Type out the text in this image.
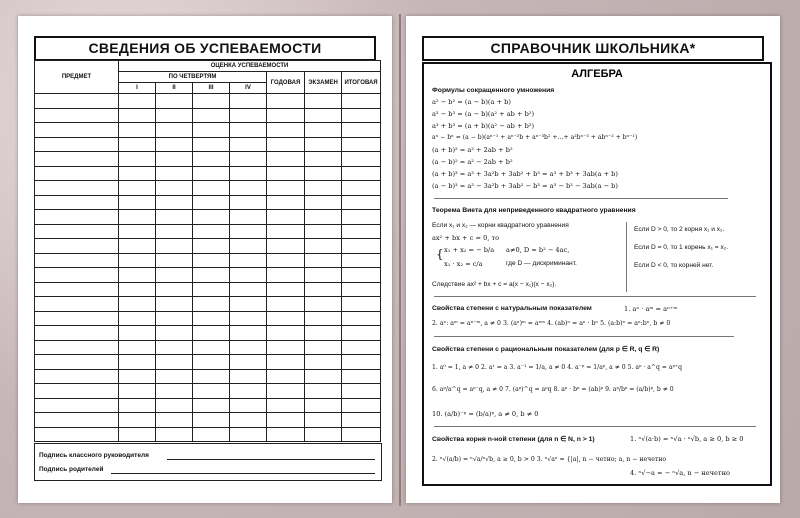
СВЕДЕНИЯ ОБ УСПЕВАЕМОСТИ
ПРЕДМЕТ	ОЦЕНКА УСПЕВАЕМОСТИ						
	ПО ЧЕТВЕРТЯМ				ГОДОВАЯ	ЭКЗАМЕН	ИТОГОВАЯ
	I	II	III	IV			

Подпись классного руководителя
Подпись родителей
СПРАВОЧНИК ШКОЛЬНИКА*
АЛГЕБРА
Формулы сокращенного умножения
a² − b² = (a − b)(a + b)
a³ − b³ = (a − b)(a² + ab + b²)
a³ + b³ = (a + b)(a² − ab + b²)
aⁿ − bⁿ = (a − b)(aⁿ⁻¹ + aⁿ⁻²b + aⁿ⁻³b² +…+ a²bⁿ⁻³ + abⁿ⁻² + bⁿ⁻¹)
(a + b)² = a² + 2ab + b²
(a − b)² = a² − 2ab + b²
(a + b)³ = a³ + 3a²b + 3ab² + b³ = a³ + b³ + 3ab(a + b)
(a − b)³ = a³ − 3a²b + 3ab² − b³ = a³ − b³ − 3ab(a − b)
Теорема Виета для неприведенного квадратного уравнения
Если x₁ и x₂ — корни квадратного уравнения
ax² + bx + c = 0, то
{ x₁ + x₂ = − b/a a≠0, D = b² − 4ac,
x₁ · x₂ = c/a	где D — дискриминант.
Следствие ax² + bx + c = a(x − x₁)(x − x₂).
Если D > 0, то 2 корня x₁ и x₂.
Если D = 0, то 1 корень x₁ = x₂.
Если D < 0, то корней нет.
Свойства степени с натуральным показателем	1. aⁿ · aᵐ = aⁿ⁺ᵐ
2. aⁿ: aᵐ = aⁿ⁻ᵐ, a ≠ 0 3. (aⁿ)ᵐ = aⁿᵐ 4. (ab)ⁿ = aⁿ · bⁿ 5. (a:b)ⁿ = aⁿ:bⁿ, b ≠ 0
Свойства степени с рациональным показателем (для p ∈ R, q ∈ R)
1. a⁰ = 1, a ≠ 0 2. a¹ = a 3. a⁻¹ = 1/a, a ≠ 0 4. a⁻ᵖ = 1/aᵖ, a ≠ 0 5. aᵖ · a^q = aᵖ⁺q
6. aᵖ/a^q = aᵖ⁻q, a ≠ 0 7. (aᵖ)^q = aᵖq 8. aᵖ · bᵖ = (ab)ᵖ 9. aᵖ/bᵖ = (a/b)ᵖ, b ≠ 0
10. (a/b)⁻ᵖ = (b/a)ᵖ, a ≠ 0, b ≠ 0
Свойства корня n-ной степени (для n ∈ N, n > 1)	1. ⁿ√(a·b) = ⁿ√a · ⁿ√b, a ≥ 0, b ≥ 0
2. ⁿ√(a/b) = ⁿ√a/ⁿ√b, a ≥ 0, b > 0 3. ⁿ√aⁿ = {|a|, n − четно; a, n − нечетно
4. ⁿ√−a = − ⁿ√a, n − нечетно
